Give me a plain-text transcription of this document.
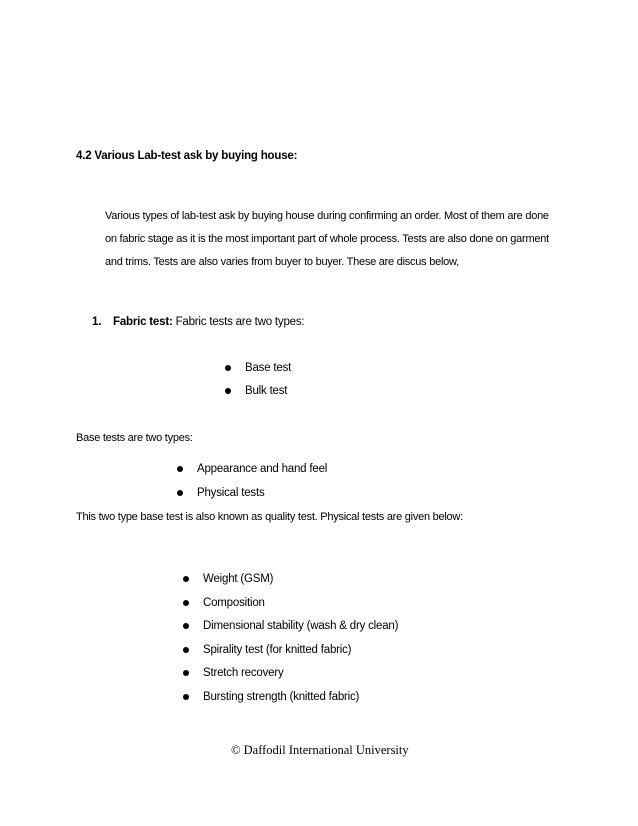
4.2 Various Lab-test ask by buying house:
Various types of lab-test ask by buying house during confirming an order. Most of them are done
on fabric stage as it is the most important part of whole process. Tests are also done on garment
and trims. Tests are also varies from buyer to buyer. These are discus below,
1. Fabric test: Fabric tests are two types:
Base test
Bulk test
Base tests are two types:
Appearance and hand feel
Physical tests
This two type base test is also known as quality test. Physical tests are given below:
Weight (GSM)
Composition
Dimensional stability (wash & dry clean)
Spirality test (for knitted fabric)
Stretch recovery
Bursting strength (knitted fabric)
© Daffodil International University
